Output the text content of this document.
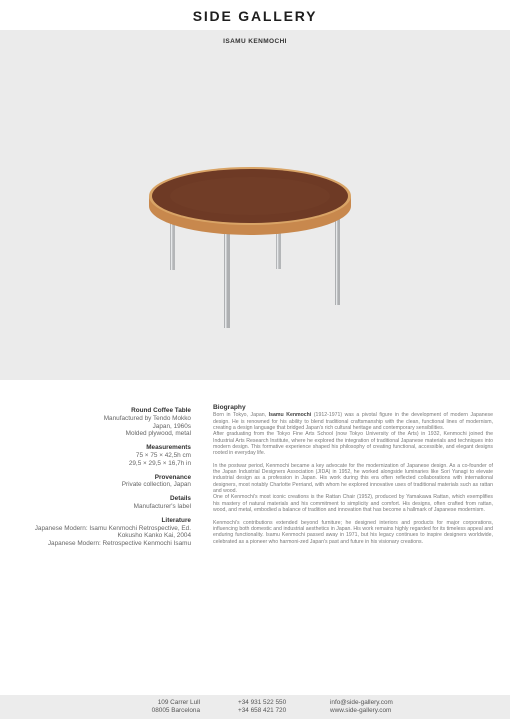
SIDE GALLERY
ISAMU KENMOCHI
Round Coffee Table
Manufactured by Tendo Mokko
Japan, 1960s
Molded plywood, metal
Measurements
75 × 75 × 42,5h cm
29,5 × 29,5 × 16,7h in
Provenance
Private collection, Japan
Details
Manufacturer's label
Literature
Japanese Modern: Isamu Kenmochi Retrospective, Ed.
Kokusho Kanko Kai, 2004
Japanese Modern: Retrospective Kenmochi Isamu
Biography

Born in Tokyo, Japan, Isamu Kenmochi (1912-1971) was a pivotal figure in the development of modern Japanese design. He is renowned for his ability to blend traditional craftsmanship with the clean, functional lines of modernism, creating a design language that bridged Japan's rich cultural heritage and contemporary sensibilities.

After graduating from the Tokyo Fine Arts School (now Tokyo University of the Arts) in 1932, Kenmochi joined the Industrial Arts Research Institute, where he explored the integration of traditional Japanese materials and techniques into modern design. This formative experience shaped his philosophy of creating functional, accessible, and elegant designs rooted in everyday life.

In the postwar period, Kenmochi became a key advocate for the modernization of Japanese design. As a co-founder of the Japan Industrial Designers Association (JIDA) in 1952, he worked alongside luminaries like Sori Yanagi to elevate industrial design as a profession in Japan. His work during this era often reflected collaborations with international designers, most notably Charlotte Perriand, with whom he explored innovative uses of traditional materials such as rattan and wood.

One of Kenmochi's most iconic creations is the Rattan Chair (1952), produced by Yamakawa Rattan, which exemplifies his mastery of natural materials and his commitment to simplicity and comfort. His designs, often crafted from rattan, wood, and metal, embodied a balance of tradition and innovation that has become a hallmark of Japanese modernism.

Kenmochi's contributions extended beyond furniture; he designed interiors and products for major corporations, influencing both domestic and industrial aesthetics in Japan. His work remains highly regarded for its timeless appeal and enduring functionality. Isamu Kenmochi passed away in 1971, but his legacy continues to inspire designers worldwide, celebrated as a pioneer who harmoni-zed Japan's past and future in his visionary creations.

109 Carrer Lull
08005 Barcelona
+34 931 522 550
+34 658 421 720
info@side-gallery.com
www.side-gallery.com
